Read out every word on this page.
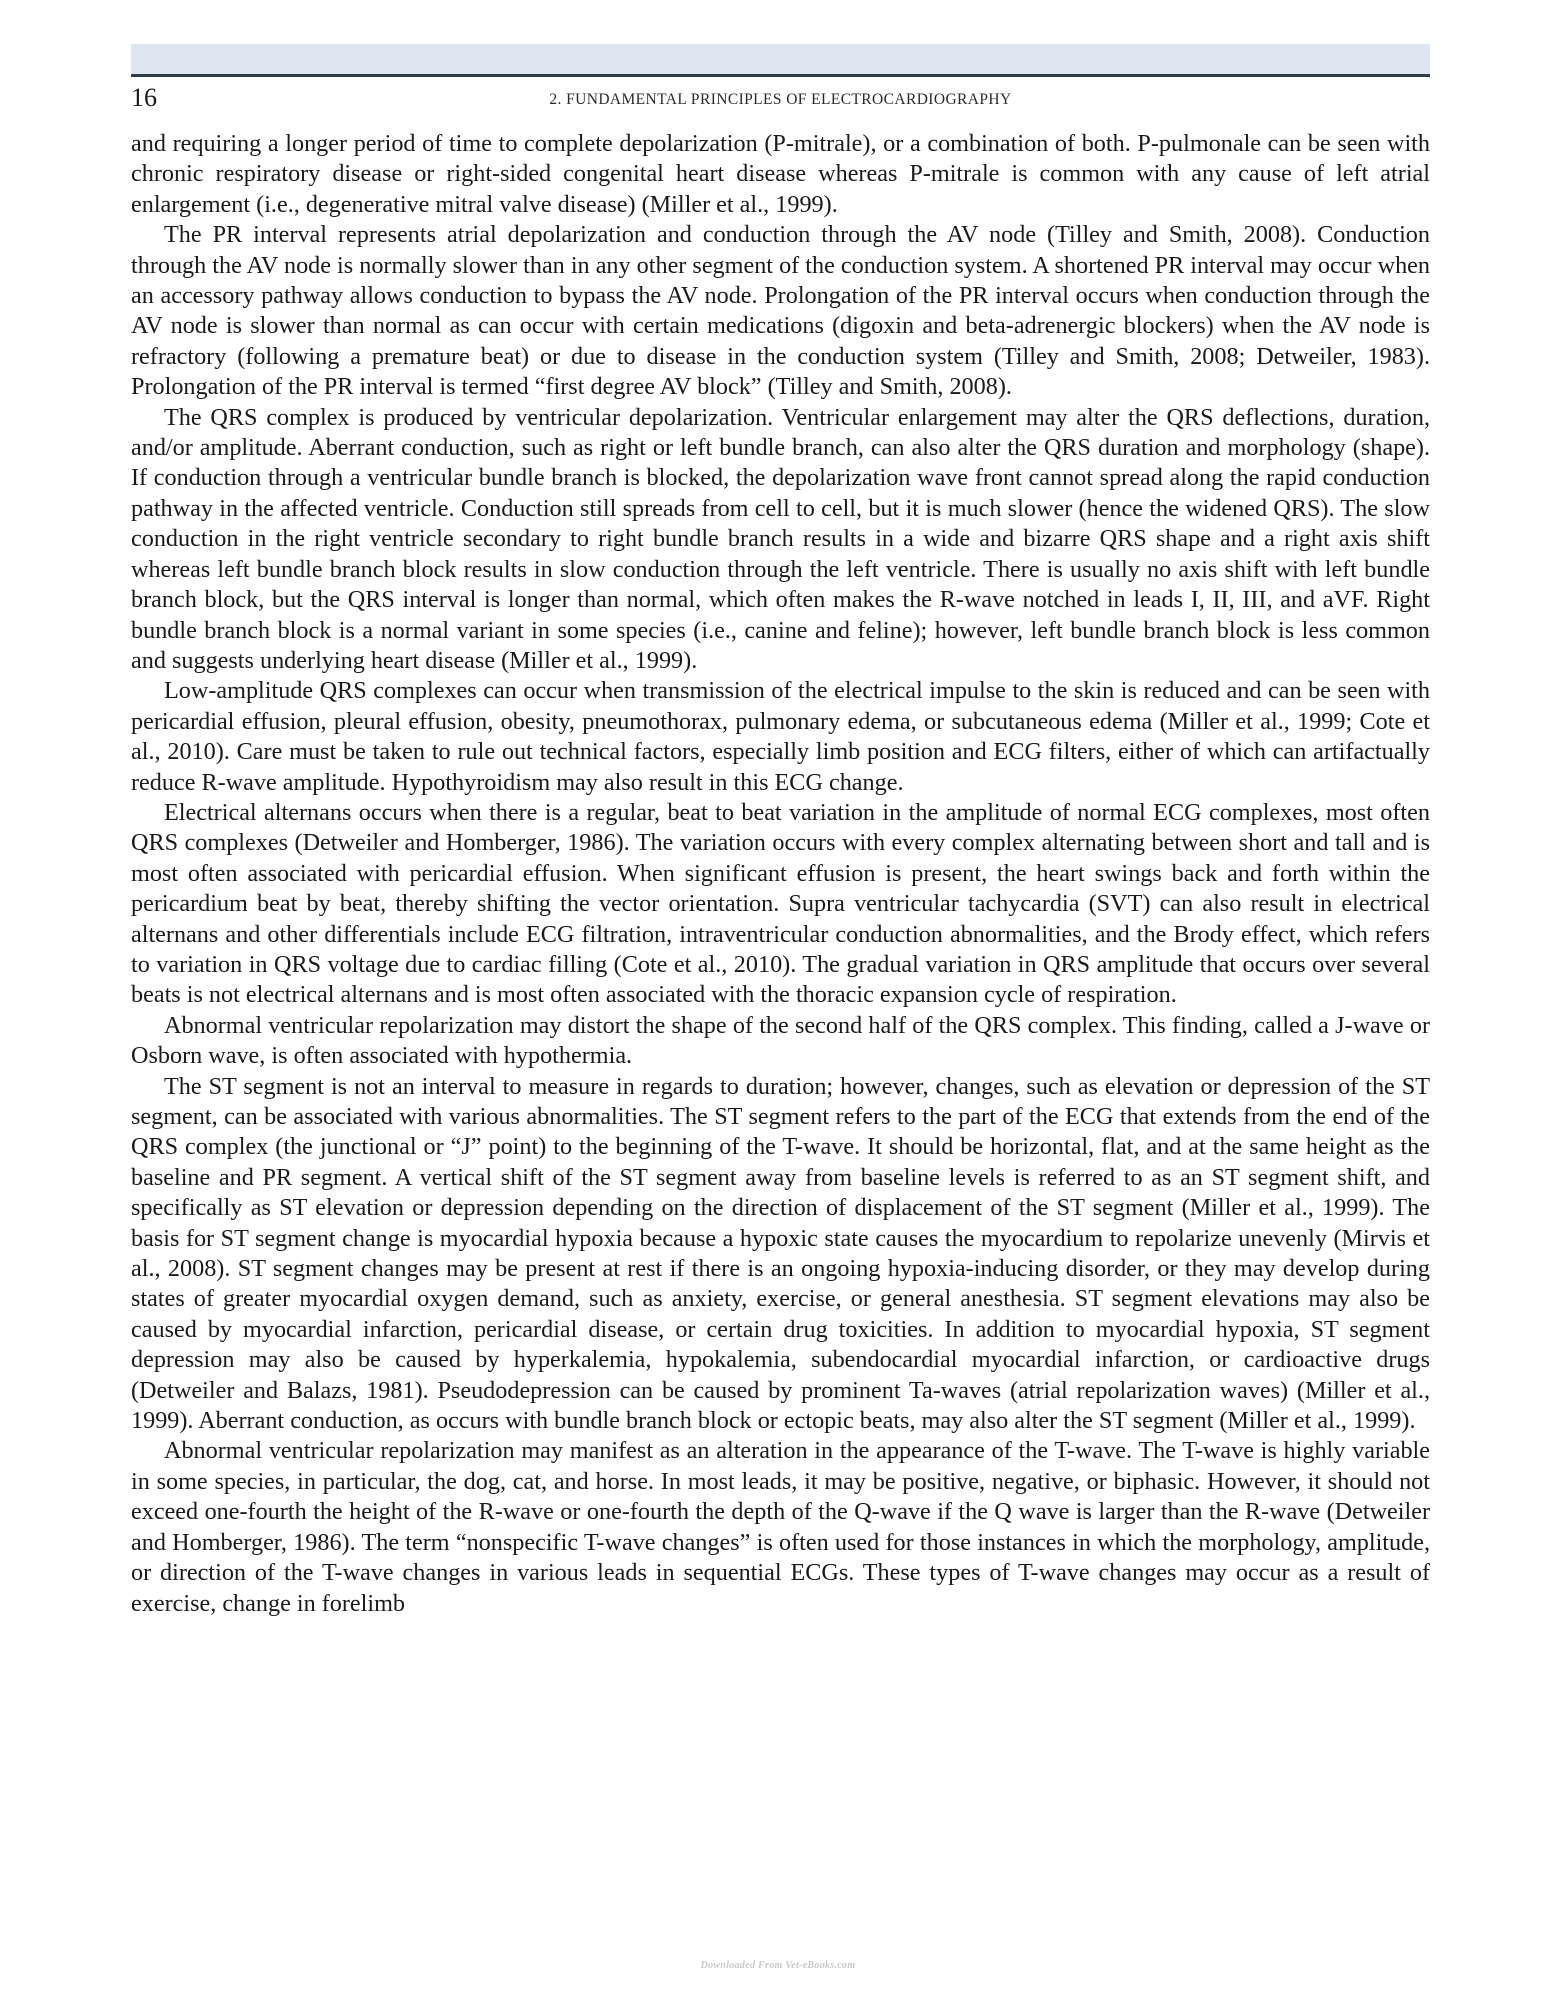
16	2. FUNDAMENTAL PRINCIPLES OF ELECTROCARDIOGRAPHY

and requiring a longer period of time to complete depolarization (P-mitrale), or a combination of both. P-pulmonale can be seen with chronic respiratory disease or right-sided congenital heart disease whereas P-mitrale is common with any cause of left atrial enlargement (i.e., degenerative mitral valve disease) (Miller et al., 1999).

The PR interval represents atrial depolarization and conduction through the AV node (Tilley and Smith, 2008). Conduction through the AV node is normally slower than in any other segment of the conduction system. A shortened PR interval may occur when an accessory pathway allows conduction to bypass the AV node. Prolongation of the PR interval occurs when conduction through the AV node is slower than normal as can occur with certain medications (digoxin and beta-adrenergic blockers) when the AV node is refractory (following a premature beat) or due to disease in the conduction system (Tilley and Smith, 2008; Detweiler, 1983). Prolongation of the PR interval is termed “first degree AV block” (Tilley and Smith, 2008).

The QRS complex is produced by ventricular depolarization. Ventricular enlargement may alter the QRS deflections, duration, and/or amplitude. Aberrant conduction, such as right or left bundle branch, can also alter the QRS duration and morphology (shape). If conduction through a ventricular bundle branch is blocked, the depolarization wave front cannot spread along the rapid conduction pathway in the affected ventricle. Conduction still spreads from cell to cell, but it is much slower (hence the widened QRS). The slow conduction in the right ventricle secondary to right bundle branch results in a wide and bizarre QRS shape and a right axis shift whereas left bundle branch block results in slow conduction through the left ventricle. There is usually no axis shift with left bundle branch block, but the QRS interval is longer than normal, which often makes the R-wave notched in leads I, II, III, and aVF. Right bundle branch block is a normal variant in some species (i.e., canine and feline); however, left bundle branch block is less common and suggests underlying heart disease (Miller et al., 1999).

Low-amplitude QRS complexes can occur when transmission of the electrical impulse to the skin is reduced and can be seen with pericardial effusion, pleural effusion, obesity, pneumothorax, pulmonary edema, or subcutaneous edema (Miller et al., 1999; Cote et al., 2010). Care must be taken to rule out technical factors, especially limb position and ECG filters, either of which can artifactually reduce R-wave amplitude. Hypothyroidism may also result in this ECG change.

Electrical alternans occurs when there is a regular, beat to beat variation in the amplitude of normal ECG complexes, most often QRS complexes (Detweiler and Homberger, 1986). The variation occurs with every complex alternating between short and tall and is most often associated with pericardial effusion. When significant effusion is present, the heart swings back and forth within the pericardium beat by beat, thereby shifting the vector orientation. Supra ventricular tachycardia (SVT) can also result in electrical alternans and other differentials include ECG filtration, intraventricular conduction abnormalities, and the Brody effect, which refers to variation in QRS voltage due to cardiac filling (Cote et al., 2010). The gradual variation in QRS amplitude that occurs over several beats is not electrical alternans and is most often associated with the thoracic expansion cycle of respiration.

Abnormal ventricular repolarization may distort the shape of the second half of the QRS complex. This finding, called a J-wave or Osborn wave, is often associated with hypothermia.

The ST segment is not an interval to measure in regards to duration; however, changes, such as elevation or depression of the ST segment, can be associated with various abnormalities. The ST segment refers to the part of the ECG that extends from the end of the QRS complex (the junctional or “J” point) to the beginning of the T-wave. It should be horizontal, flat, and at the same height as the baseline and PR segment. A vertical shift of the ST segment away from baseline levels is referred to as an ST segment shift, and specifically as ST elevation or depression depending on the direction of displacement of the ST segment (Miller et al., 1999). The basis for ST segment change is myocardial hypoxia because a hypoxic state causes the myocardium to repolarize unevenly (Mirvis et al., 2008). ST segment changes may be present at rest if there is an ongoing hypoxia-inducing disorder, or they may develop during states of greater myocardial oxygen demand, such as anxiety, exercise, or general anesthesia. ST segment elevations may also be caused by myocardial infarction, pericardial disease, or certain drug toxicities. In addition to myocardial hypoxia, ST segment depression may also be caused by hyperkalemia, hypokalemia, subendocardial myocardial infarction, or cardioactive drugs (Detweiler and Balazs, 1981). Pseudodepression can be caused by prominent Ta-waves (atrial repolarization waves) (Miller et al., 1999). Aberrant conduction, as occurs with bundle branch block or ectopic beats, may also alter the ST segment (Miller et al., 1999).

Abnormal ventricular repolarization may manifest as an alteration in the appearance of the T-wave. The T-wave is highly variable in some species, in particular, the dog, cat, and horse. In most leads, it may be positive, negative, or biphasic. However, it should not exceed one-fourth the height of the R-wave or one-fourth the depth of the Q-wave if the Q wave is larger than the R-wave (Detweiler and Homberger, 1986). The term “nonspecific T-wave changes” is often used for those instances in which the morphology, amplitude, or direction of the T-wave changes in various leads in sequential ECGs. These types of T-wave changes may occur as a result of exercise, change in forelimb

Downloaded From Vet-eBooks.com
